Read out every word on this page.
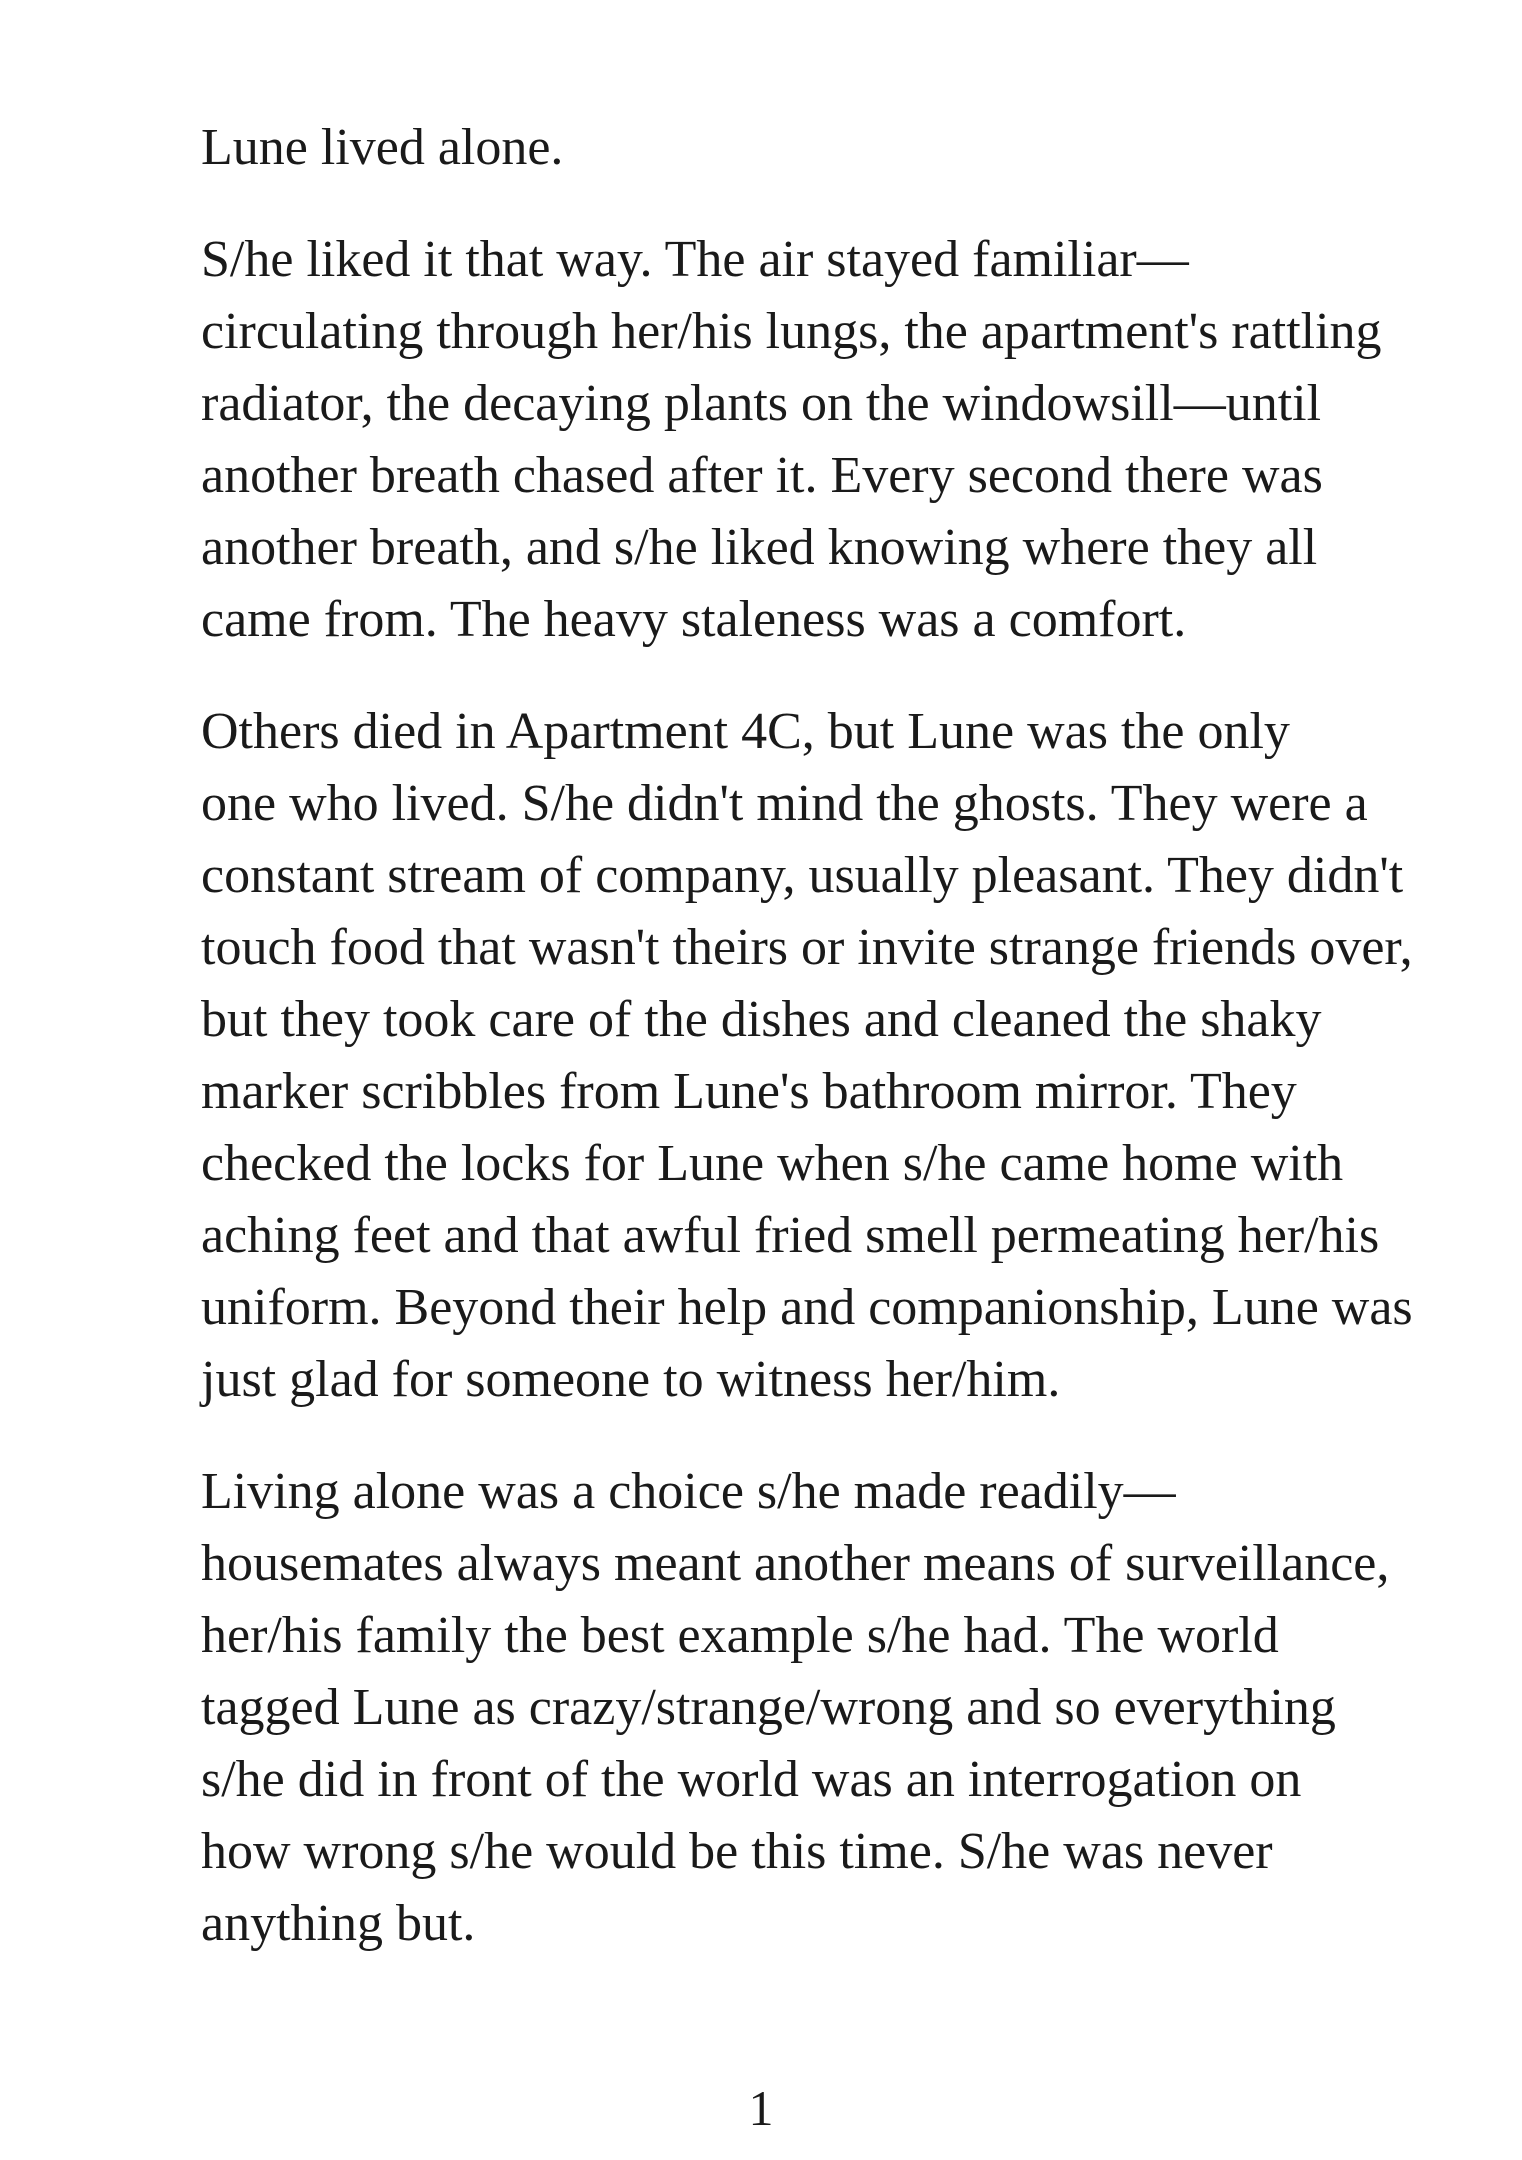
Lune lived alone.

S/he liked it that way. The air stayed familiar—
circulating through her/his lungs, the apartment's rattling
radiator, the decaying plants on the windowsill—until
another breath chased after it. Every second there was
another breath, and s/he liked knowing where they all
came from. The heavy staleness was a comfort.

Others died in Apartment 4C, but Lune was the only
one who lived. S/he didn't mind the ghosts. They were a
constant stream of company, usually pleasant. They didn't
touch food that wasn't theirs or invite strange friends over,
but they took care of the dishes and cleaned the shaky
marker scribbles from Lune's bathroom mirror. They
checked the locks for Lune when s/he came home with
aching feet and that awful fried smell permeating her/his
uniform. Beyond their help and companionship, Lune was
just glad for someone to witness her/him.

Living alone was a choice s/he made readily—
housemates always meant another means of surveillance,
her/his family the best example s/he had. The world
tagged Lune as crazy/strange/wrong and so everything
s/he did in front of the world was an interrogation on
how wrong s/he would be this time. S/he was never
anything but.

1
